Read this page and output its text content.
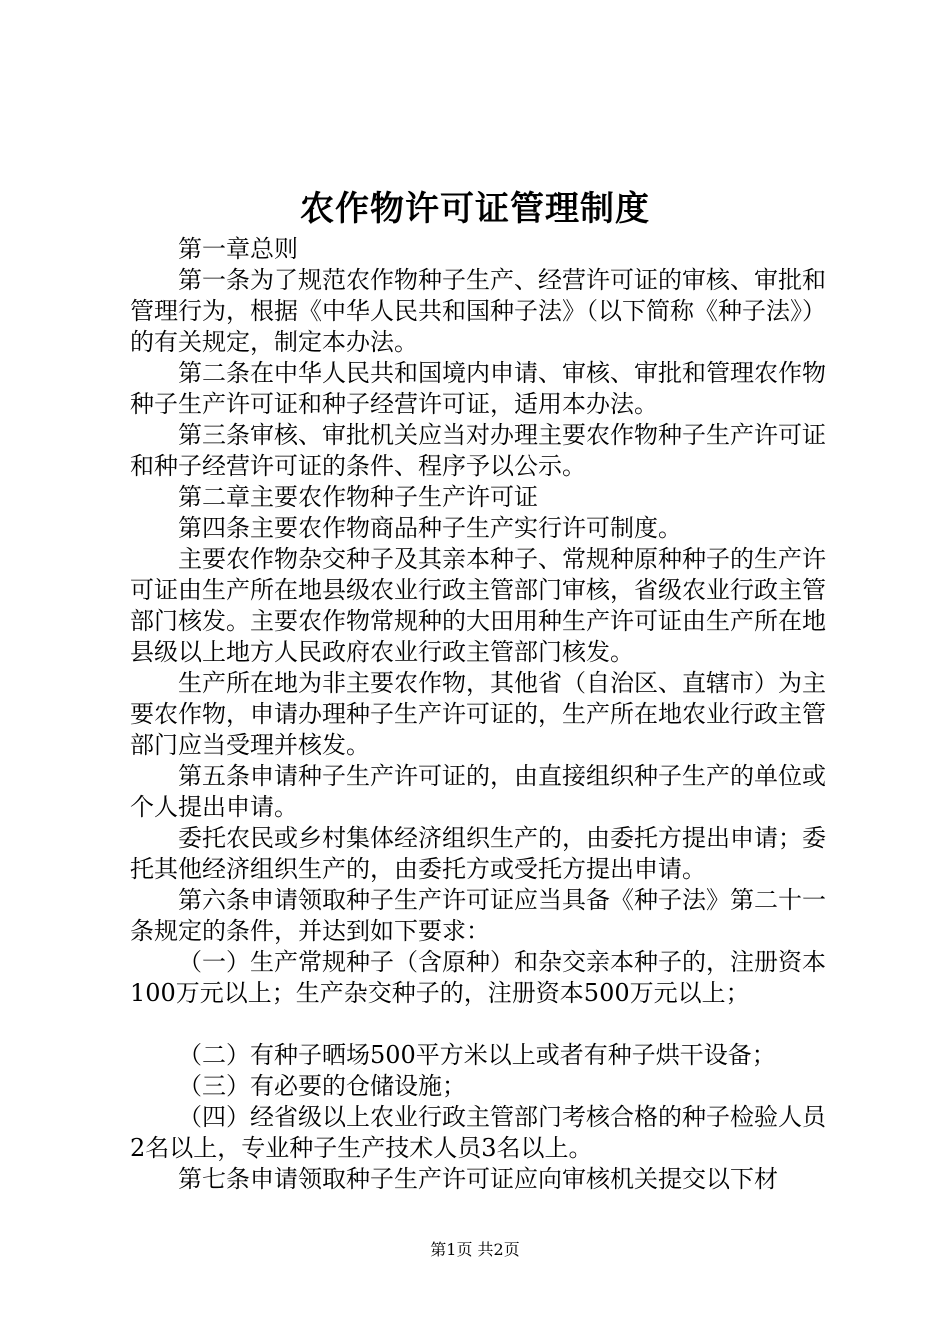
农作物许可证管理制度

第一章总则

第一条为了规范农作物种子生产、经营许可证的审核、审批和管理行为，根据《中华人民共和国种子法》（以下简称《种子法》）的有关规定，制定本办法。

第二条在中华人民共和国境内申请、审核、审批和管理农作物种子生产许可证和种子经营许可证，适用本办法。

第三条审核、审批机关应当对办理主要农作物种子生产许可证和种子经营许可证的条件、程序予以公示。

第二章主要农作物种子生产许可证

第四条主要农作物商品种子生产实行许可制度。

主要农作物杂交种子及其亲本种子、常规种原种种子的生产许可证由生产所在地县级农业行政主管部门审核，省级农业行政主管部门核发。主要农作物常规种的大田用种生产许可证由生产所在地县级以上地方人民政府农业行政主管部门核发。

生产所在地为非主要农作物，其他省（自治区、直辖市）为主要农作物，申请办理种子生产许可证的，生产所在地农业行政主管部门应当受理并核发。

第五条申请种子生产许可证的，由直接组织种子生产的单位或个人提出申请。

委托农民或乡村集体经济组织生产的，由委托方提出申请；委托其他经济组织生产的，由委托方或受托方提出申请。

第六条申请领取种子生产许可证应当具备《种子法》第二十一条规定的条件，并达到如下要求：

（一）生产常规种子（含原种）和杂交亲本种子的，注册资本100万元以上；生产杂交种子的，注册资本500万元以上；

（二）有种子晒场500平方米以上或者有种子烘干设备；

（三）有必要的仓储设施；

（四）经省级以上农业行政主管部门考核合格的种子检验人员2名以上，专业种子生产技术人员3名以上。

第七条申请领取种子生产许可证应向审核机关提交以下材

第1页 共2页
